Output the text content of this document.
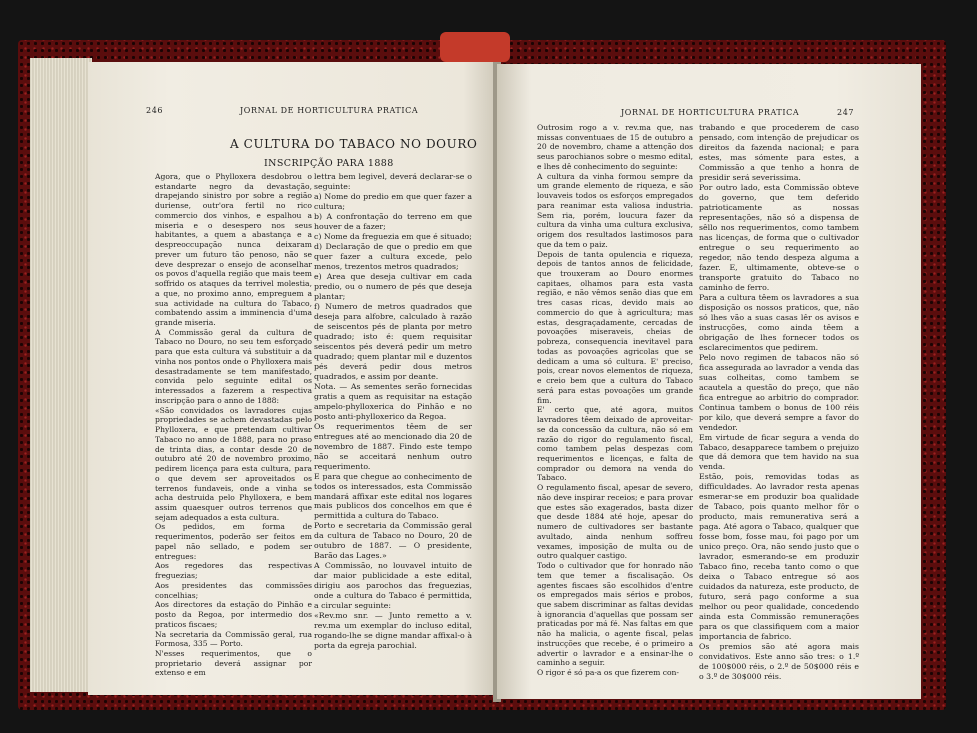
246	JORNAL DE HORTICULTURA PRATICA
A CULTURA DO TABACO NO DOURO
INSCRIPÇÃO PARA 1888

Agora, que o Phylloxera desdobrou o estandarte negro da devastação, drapejando sinistro por sobre a região duriense, outr'ora fertil no rico commercio dos vinhos, e espalhou a miseria e o desespero nos seus habitantes, a quem a abastança e a despreoccupação nunca deixaram prever um futuro tão penoso, não se deve desprezar o ensejo de aconselhar os povos d'aquella região que mais teem soffrido os ataques da terrivel molestia, a que, no proximo anno, empreguem a sua actividade na cultura do Tabaco, combatendo assim a imminencia d'uma grande miseria.
A Commissão geral da cultura de Tabaco no Douro, no seu tem esforçado para que esta cultura vá substituir a da vinha nos pontos onde o Phylloxera mais desastradamente se tem manifestado, convida pelo seguinte edital os interessados a fazerem a respectiva inscripção para o anno de 1888:
«São convidados os lavradores cujas propriedades se achem devastadas pelo Phylloxera, e que pretendam cultivar Tabaco no anno de 1888, para no praso de trinta dias, a contar desde 20 de outubro até 20 de novembro proximo, pedirem licença para esta cultura, para o que devem ser aproveitados os terrenos fundaveis, onde a vinha se acha destruida pelo Phylloxera, e bem assim quaesquer outros terrenos que sejam adequados a esta cultura.
Os pedidos, em forma de requerimentos, poderão ser feitos em papel não sellado, e podem ser entregues:
Aos regedores das respectivas freguezias;
Aos presidentes das commissões concelhias;
Aos directores da estação do Pinhão e posto da Regoa, por intermedio dos praticos fiscaes;
Na secretaria da Commissão geral, rua Formosa, 335 — Porto.
N'esses requerimentos, que o proprietario deverá assignar por extenso e em

lettra bem legivel, deverá declarar-se o seguinte:
a) Nome do predio em que quer fazer a cultura;
b) A confrontação do terreno em que houver de a fazer;
c) Nome da freguezia em que é situado;
d) Declaração de que o predio em que quer fazer a cultura excede, pelo menos, trezentos metros quadrados;
e) Area que deseja cultivar em cada predio, ou o numero de pés que deseja plantar;
f) Numero de metros quadrados que deseja para alfobre, calculado à razão de seiscentos pés de planta por metro quadrado; isto é: quem requisitar seiscentos pés deverá pedir um metro quadrado; quem plantar mil e duzentos pés deverá pedir dous metros quadrados, e assim por deante.
Nota. — As sementes serão fornecidas gratis a quem as requisitar na estação ampelo-phylloxerica do Pinhão e no posto anti-phylloxerico da Regoa.
Os requerimentos têem de ser entregues até ao mencionado dia 20 de novembro de 1887. Findo este tempo não se acceitará nenhum outro requerimento.
E para que chegue ao conhecimento de todos os interessados, esta Commissão mandará affixar este edital nos logares mais publicos dos concelhos em que é permittida a cultura do Tabaco.
Porto e secretaria da Commissão geral da cultura de Tabaco no Douro, 20 de outubro de 1887. — O presidente, Barão das Lages.»
A Commissão, no louvavel intuito de dar maior publicidade a este edital, dirigiu aos parochos das freguezias, onde a cultura do Tabaco é permittida, a circular seguinte:
«Rev.mo snr. — Junto remetto a v. rev.ma um exemplar do incluso edital, rogando-lhe se digne mandar affixal-o à porta da egreja parochial.

JORNAL DE HORTICULTURA PRATICA	247

Outrosim rogo a v. rev.ma que, nas missas conventuaes de 15 de outubro a 20 de novembro, chame a attenção dos seus parochianos sobre o mesmo edital, e lhes dê conhecimento do seguinte:
A cultura da vinha formou sempre da um grande elemento de riqueza, e são louvaveis todos os esforços empregados para reanimar esta valiosa industria. Sem ria, porém, loucura fazer da cultura da vinha uma cultura exclusiva, origem dos resultados lastimosos para que da tem o paiz.
Depois de tanta opulencia e riqueza, depois de tantos annos de felicidade, que trouxeram ao Douro enormes capitaes, olhamos para esta vasta região, e não vêmos senão dias que em tres casas ricas, devido mais ao commercio do que à agricultura; mas estas, desgraçadamente, cercadas de povoações miseraveis, cheias de pobreza, consequencia inevitavel para todas as povoações agricolas que se dedicam a uma só cultura. E' preciso, pois, crear novos elementos de riqueza, e creio bem que a cultura do Tabaco será para estas povoações um grande fim.
E' certo que, até agora, muitos lavradores têem deixado de aproveitar-se da concessão da cultura, não só em razão do rigor do regulamento fiscal, como tambem pelas despezas com requerimentos e licenças, e falta de comprador ou demora na venda do Tabaco.
O regulamento fiscal, apesar de severo, não deve inspirar receios; e para provar que estes são exagerados, basta dizer que desde 1884 até hoje, apesar do numero de cultivadores ser bastante avultado, ainda nenhum soffreu vexames, imposição de multa ou de outro qualquer castigo.
Todo o cultivador que for honrado não tem que temer a fiscalisação. Os agentes fiscaes são escolhidos d'entre os empregados mais sérios e probos, que sabem discriminar as faltas devidas à ignorancia d'aquellas que possam ser praticadas por má fé. Nas faltas em que não ha malicia, o agente fiscal, pelas instrucções que recebe, é o primeiro a advertir o lavrador e a ensinar-lhe o caminho a seguir.
O rigor é só pa-a os que fizerem con-

trabando e que procederem de caso pensado, com intenção de prejudicar os direitos da fazenda nacional; e para estes, mas sómente para estes, a Commissão a que tenho a honra de presidir será severissima.
Por outro lado, esta Commissão obteve do governo, que tem deferido patrioticamente as nossas representações, não só a dispensa de sêllo nos requerimentos, como tambem nas licenças, de forma que o cultivador entregue o seu requerimento ao regedor, não tendo despeza alguma a fazer. E, ultimamente, obteve-se o transporte gratuito do Tabaco no caminho de ferro.
Para a cultura têem os lavradores a sua disposição os nossos praticos, que, não só lhes vão a suas casas lêr os avisos e instrucções, como ainda têem a obrigação de lhes fornecer todos os esclarecimentos que pedirem.
Pelo novo regimen de tabacos não só fica assegurada ao lavrador a venda das suas colheitas, como tambem se acautela a questão do preço, que não fica entregue ao arbitrio do comprador. Continua tambem o bonus de 100 réis por kilo, que deverá sempre a favor do vendedor.
Em virtude de ficar segura a venda do Tabaco, desapparece tambem o prejuizo que dá demora que tem havido na sua venda.
Estão, pois, removidas todas as difficuldades. Ao lavrador resta apenas esmerar-se em produzir boa qualidade de Tabaco, pois quanto melhor fôr o producto, mais remunerativa será a paga. Até agora o Tabaco, qualquer que fosse bom, fosse mau, foi pago por um unico preço. Ora, não sendo justo que o lavrador, esmerando-se em produzir Tabaco fino, receba tanto como o que deixa o Tabaco entregue só aos cuidados da natureza, este producto, de futuro, será pago conforme a sua melhor ou peor qualidade, concedendo ainda esta Commissão remunerações para os que classifiquem com a maior importancia de fabrico.
Os premios são até agora mais convidativos. Este anno são tres: o 1.º de 100$000 réis, o 2.º de 50$000 réis e o 3.º de 30$000 réis.
